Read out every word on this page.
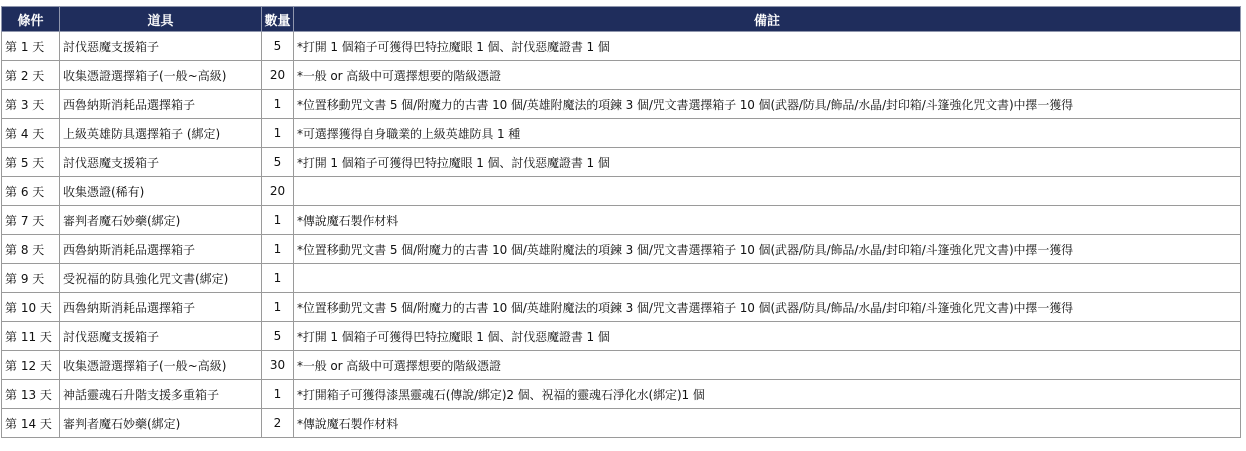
條件	道具	數量	備註
第 1 天	討伐惡魔支援箱子	5	*打開 1 個箱子可獲得巴特拉魔眼 1 個、討伐惡魔證書 1 個
第 2 天	收集憑證選擇箱子(一般~高級)	20	*一般 or 高級中可選擇想要的階級憑證
第 3 天	西魯納斯消耗品選擇箱子	1	*位置移動咒文書 5 個/附魔力的古書 10 個/英雄附魔法的項鍊 3 個/咒文書選擇箱子 10 個(武器/防具/飾品/水晶/封印箱/斗篷強化咒文書)中擇一獲得
第 4 天	上級英雄防具選擇箱子 (綁定)	1	*可選擇獲得自身職業的上級英雄防具 1 種
第 5 天	討伐惡魔支援箱子	5	*打開 1 個箱子可獲得巴特拉魔眼 1 個、討伐惡魔證書 1 個
第 6 天	收集憑證(稀有)	20	
第 7 天	審判者魔石妙藥(綁定)	1	*傳說魔石製作材料
第 8 天	西魯納斯消耗品選擇箱子	1	*位置移動咒文書 5 個/附魔力的古書 10 個/英雄附魔法的項鍊 3 個/咒文書選擇箱子 10 個(武器/防具/飾品/水晶/封印箱/斗篷強化咒文書)中擇一獲得
第 9 天	受祝福的防具強化咒文書(綁定)	1	
第 10 天	西魯納斯消耗品選擇箱子	1	*位置移動咒文書 5 個/附魔力的古書 10 個/英雄附魔法的項鍊 3 個/咒文書選擇箱子 10 個(武器/防具/飾品/水晶/封印箱/斗篷強化咒文書)中擇一獲得
第 11 天	討伐惡魔支援箱子	5	*打開 1 個箱子可獲得巴特拉魔眼 1 個、討伐惡魔證書 1 個
第 12 天	收集憑證選擇箱子(一般~高級)	30	*一般 or 高級中可選擇想要的階級憑證
第 13 天	神話靈魂石升階支援多重箱子	1	*打開箱子可獲得漆黑靈魂石(傳說/綁定)2 個、祝福的靈魂石淨化水(綁定)1 個
第 14 天	審判者魔石妙藥(綁定)	2	*傳說魔石製作材料
